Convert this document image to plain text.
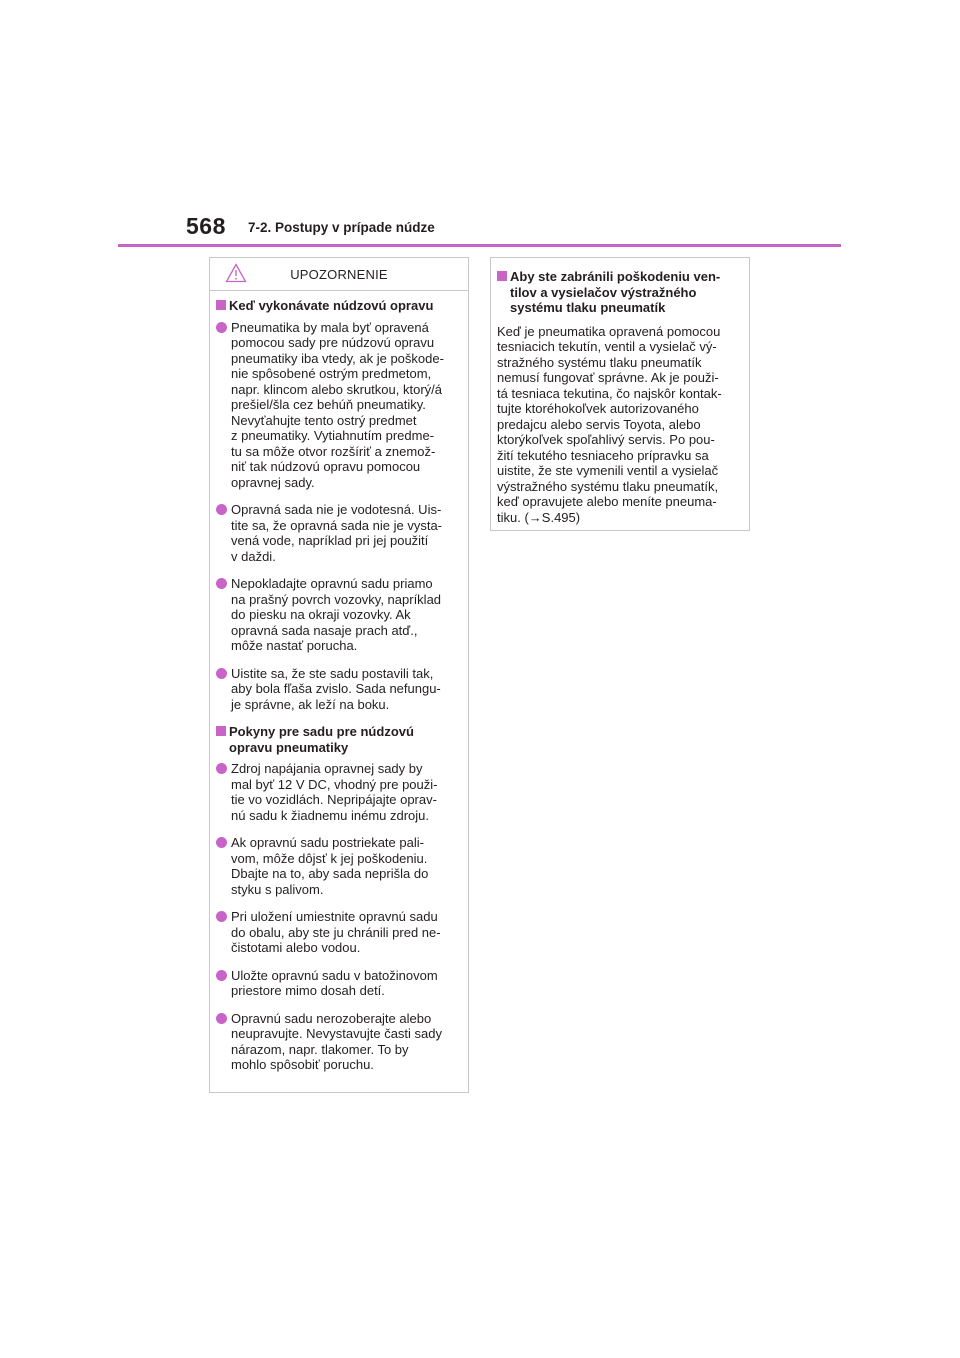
568 7-2. Postupy v prípade núdze
UPOZORNENIE
Keď vykonávate núdzovú opravu
Pneumatika by mala byť opravená
pomocou sady pre núdzovú opravu
pneumatiky iba vtedy, ak je poškode-
nie spôsobené ostrým predmetom,
napr. klincom alebo skrutkou, ktorý/á
prešiel/šla cez behúň pneumatiky.
Nevyťahujte tento ostrý predmet
z pneumatiky. Vytiahnutím predme-
tu sa môže otvor rozšíriť a znemož-
niť tak núdzovú opravu pomocou
opravnej sady.
Opravná sada nie je vodotesná. Uis-
tite sa, že opravná sada nie je vysta-
vená vode, napríklad pri jej použití
v daždi.
Nepokladajte opravnú sadu priamo
na prašný povrch vozovky, napríklad
do piesku na okraji vozovky. Ak
opravná sada nasaje prach atď.,
môže nastať porucha.
Uistite sa, že ste sadu postavili tak,
aby bola fľaša zvislo. Sada nefungu-
je správne, ak leží na boku.
Pokyny pre sadu pre núdzovú
opravu pneumatiky
Zdroj napájania opravnej sady by
mal byť 12 V DC, vhodný pre použi-
tie vo vozidlách. Nepripájajte oprav-
nú sadu k žiadnemu inému zdroju.
Ak opravnú sadu postriekate pali-
vom, môže dôjsť k jej poškodeniu.
Dbajte na to, aby sada neprišla do
styku s palivom.
Pri uložení umiestnite opravnú sadu
do obalu, aby ste ju chránili pred ne-
čistotami alebo vodou.
Uložte opravnú sadu v batožinovom
priestore mimo dosah detí.
Opravnú sadu nerozoberajte alebo
neupravujte. Nevystavujte časti sady
nárazom, napr. tlakomer. To by
mohlo spôsobiť poruchu.
Aby ste zabránili poškodeniu ven-
tilov a vysielačov výstražného
systému tlaku pneumatík
Keď je pneumatika opravená pomocou
tesniacich tekutín, ventil a vysielač vý-
stražného systému tlaku pneumatík
nemusí fungovať správne. Ak je použi-
tá tesniaca tekutina, čo najskôr kontak-
tujte ktoréhokoľvek autorizovaného
predajcu alebo servis Toyota, alebo
ktorýkoľvek spoľahlivý servis. Po pou-
žití tekutého tesniaceho prípravku sa
uistite, že ste vymenili ventil a vysielač
výstražného systému tlaku pneumatík,
keď opravujete alebo meníte pneuma-
tiku. (→S.495)
